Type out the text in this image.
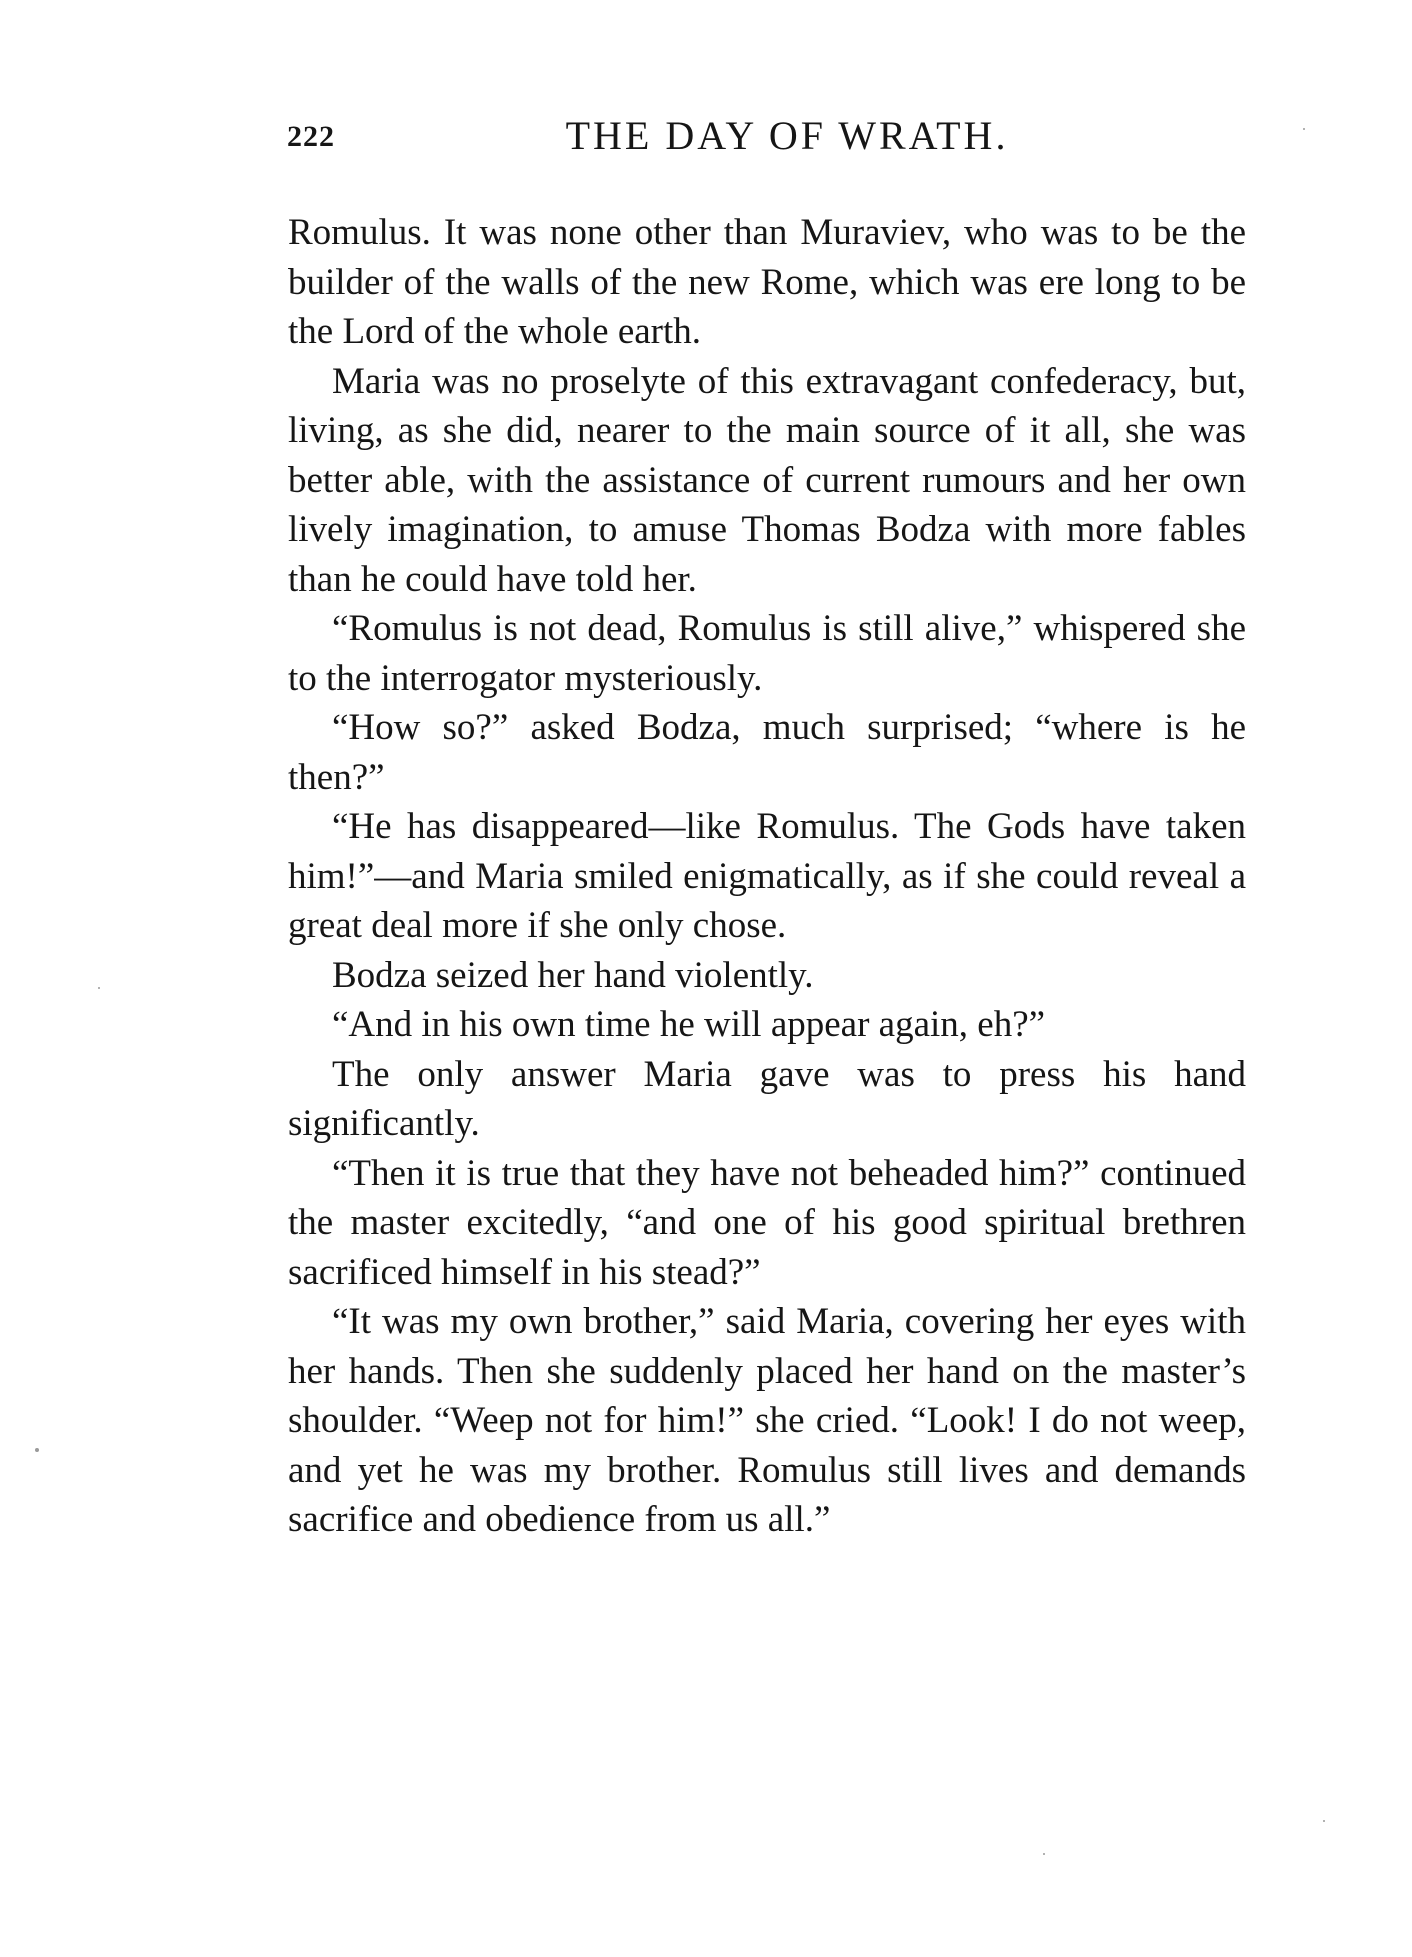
222	THE DAY OF WRATH.

Romulus. It was none other than Muraviev, who was to be the builder of the walls of the new Rome, which was ere long to be the Lord of the whole earth.

Maria was no proselyte of this extravagant confederacy, but, living, as she did, nearer to the main source of it all, she was better able, with the assistance of current rumours and her own lively imagination, to amuse Thomas Bodza with more fables than he could have told her.

“Romulus is not dead, Romulus is still alive,” whispered she to the interrogator mysteriously.

“How so?” asked Bodza, much surprised; “where is he then?”

“He has disappeared—like Romulus. The Gods have taken him!”—and Maria smiled enigmatically, as if she could reveal a great deal more if she only chose.

Bodza seized her hand violently.

“And in his own time he will appear again, eh?”

The only answer Maria gave was to press his hand significantly.

“Then it is true that they have not beheaded him?” continued the master excitedly, “and one of his good spiritual brethren sacrificed himself in his stead?”

“It was my own brother,” said Maria, covering her eyes with her hands. Then she suddenly placed her hand on the master’s shoulder. “Weep not for him!” she cried. “Look! I do not weep, and yet he was my brother. Romulus still lives and demands sacrifice and obedience from us all.”
